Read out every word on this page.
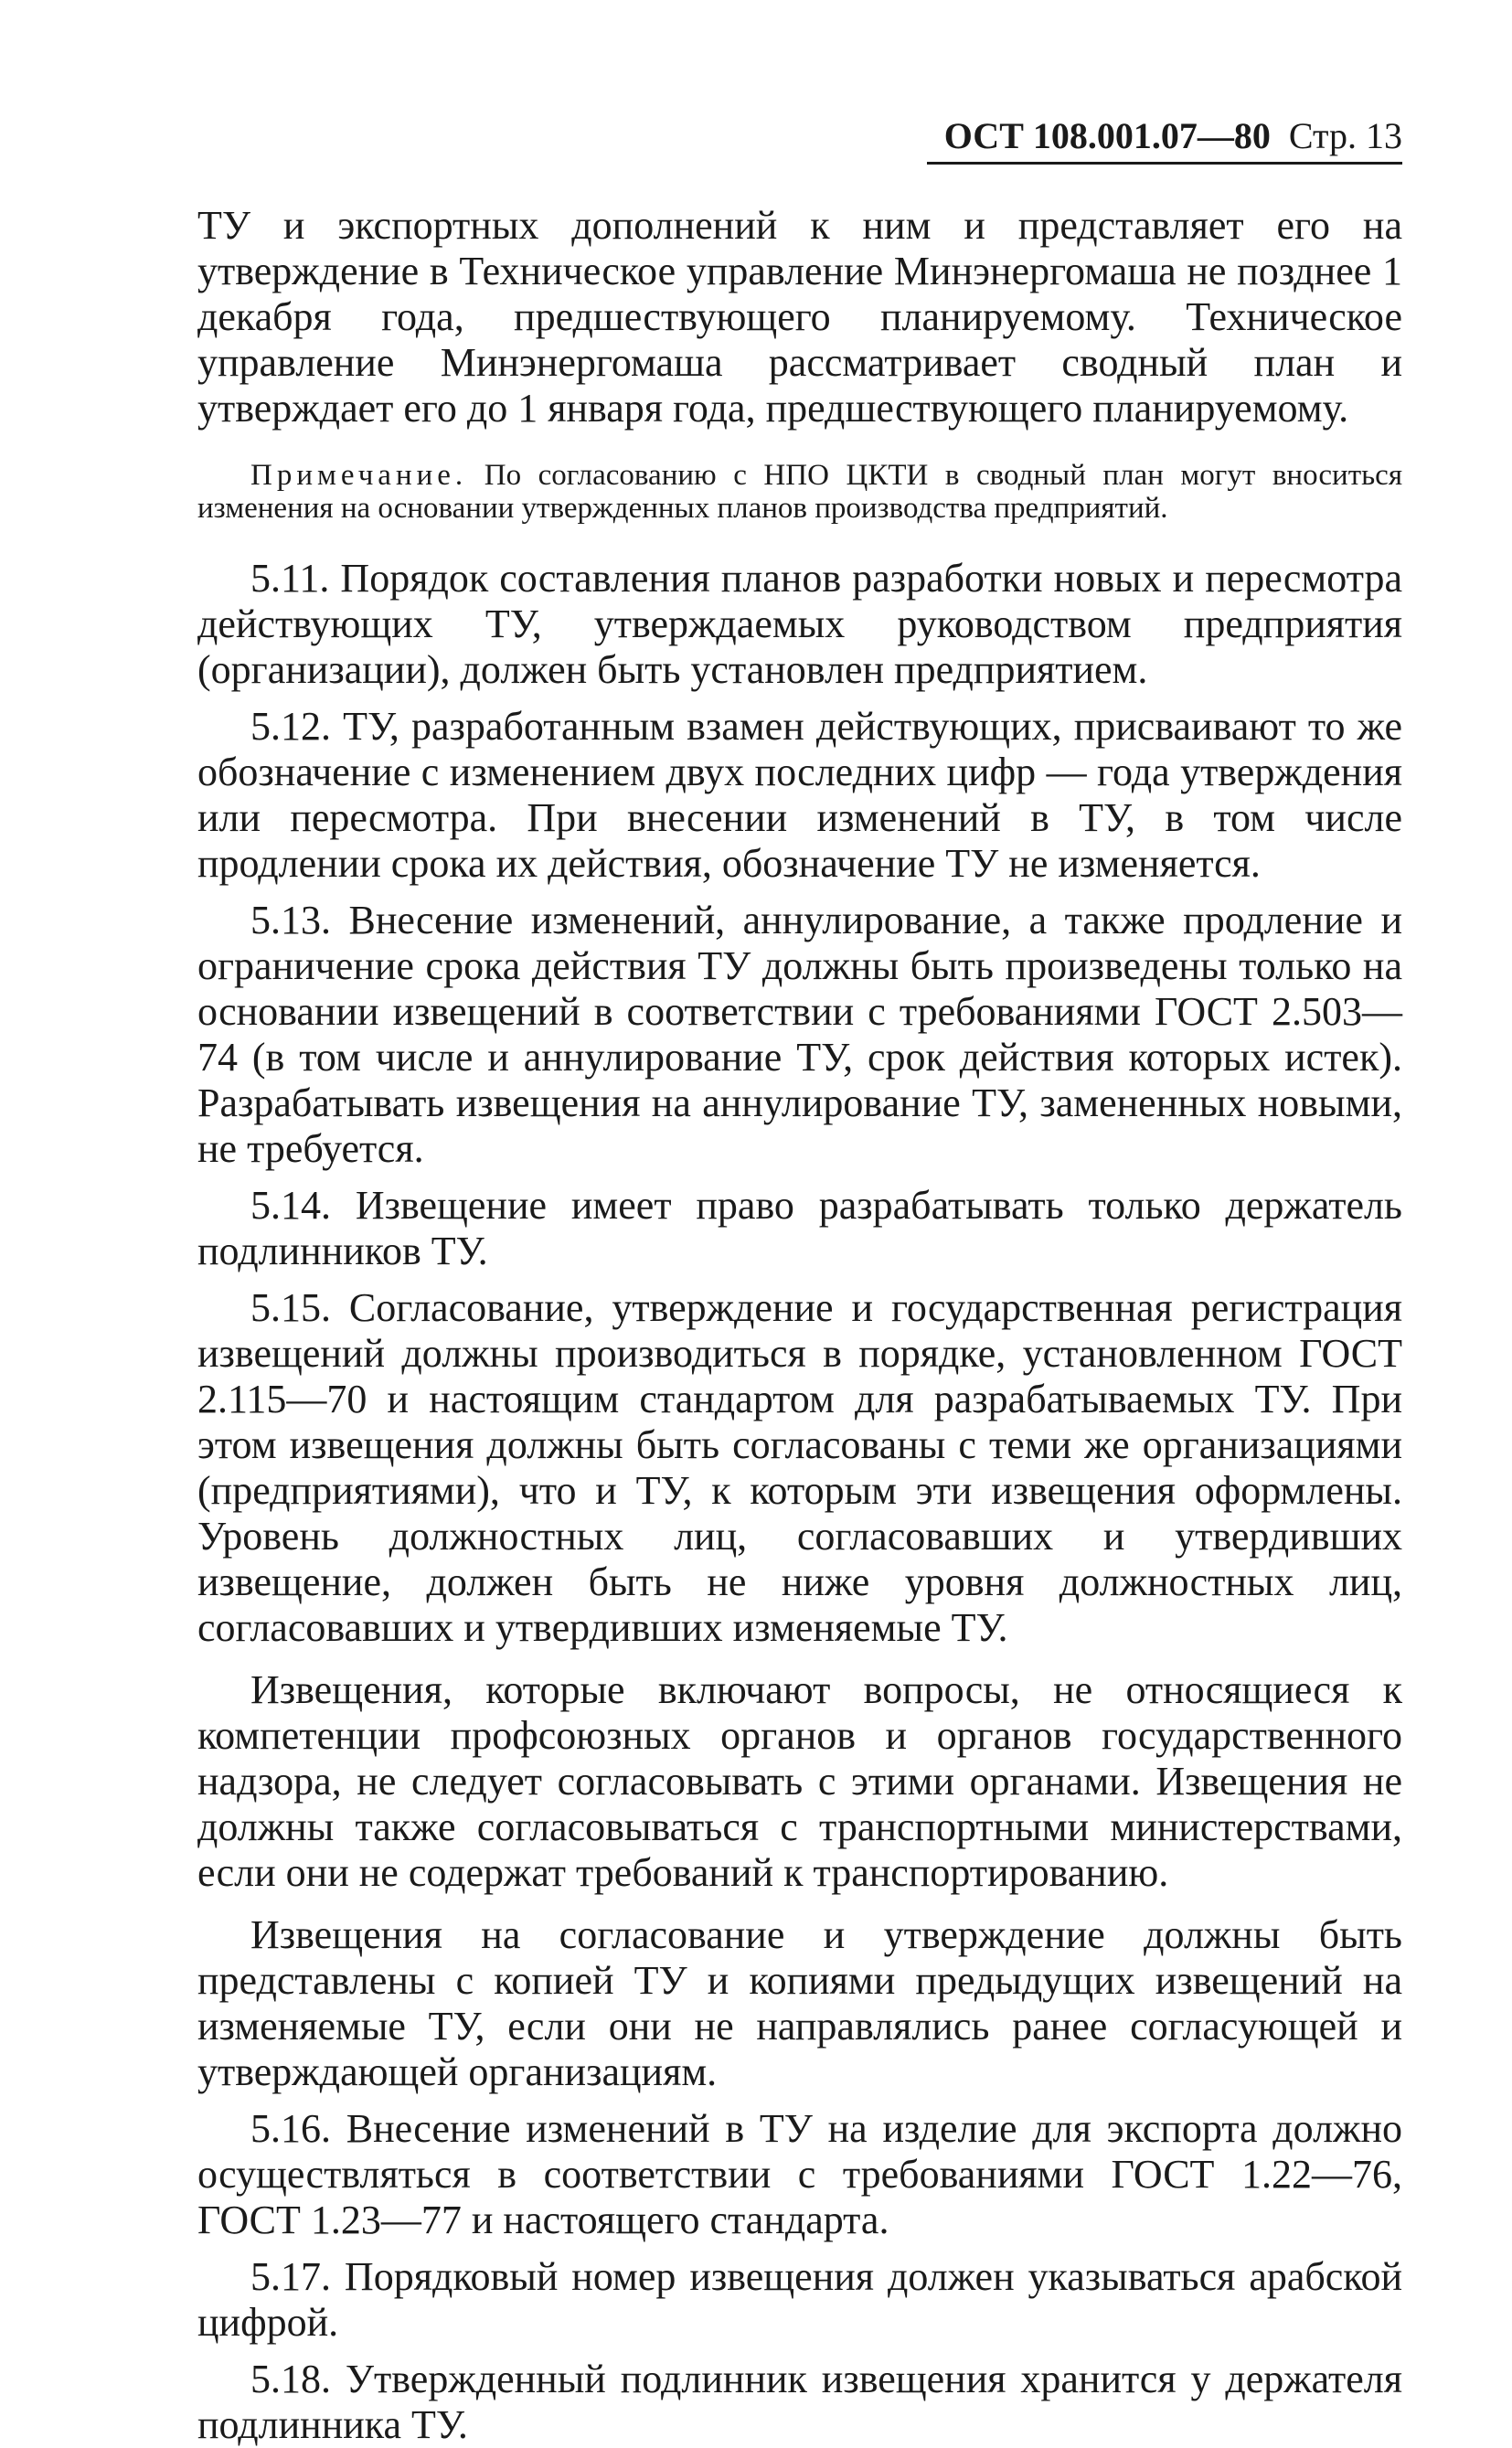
ОСТ 108.001.07—80 Стр. 13

ТУ и экспортных дополнений к ним и представляет его на утверждение в Техническое управление Минэнергомаша не позднее 1 декабря года, предшествующего планируемому. Техническое управление Минэнергомаша рассматривает сводный план и утверждает его до 1 января года, предшествующего планируемому.

Примечание. По согласованию с НПО ЦКТИ в сводный план могут вноситься изменения на основании утвержденных планов производства предприятий.

5.11. Порядок составления планов разработки новых и пересмотра действующих ТУ, утверждаемых руководством предприятия (организации), должен быть установлен предприятием.

5.12. ТУ, разработанным взамен действующих, присваивают то же обозначение с изменением двух последних цифр — года утверждения или пересмотра. При внесении изменений в ТУ, в том числе продлении срока их действия, обозначение ТУ не изменяется.

5.13. Внесение изменений, аннулирование, а также продление и ограничение срока действия ТУ должны быть произведены только на основании извещений в соответствии с требованиями ГОСТ 2.503—74 (в том числе и аннулирование ТУ, срок действия которых истек). Разрабатывать извещения на аннулирование ТУ, замененных новыми, не требуется.

5.14. Извещение имеет право разрабатывать только держатель подлинников ТУ.

5.15. Согласование, утверждение и государственная регистрация извещений должны производиться в порядке, установленном ГОСТ 2.115—70 и настоящим стандартом для разрабатываемых ТУ. При этом извещения должны быть согласованы с теми же организациями (предприятиями), что и ТУ, к которым эти извещения оформлены. Уровень должностных лиц, согласовавших и утвердивших извещение, должен быть не ниже уровня должностных лиц, согласовавших и утвердивших изменяемые ТУ.

Извещения, которые включают вопросы, не относящиеся к компетенции профсоюзных органов и органов государственного надзора, не следует согласовывать с этими органами. Извещения не должны также согласовываться с транспортными министерствами, если они не содержат требований к транспортированию.

Извещения на согласование и утверждение должны быть представлены с копией ТУ и копиями предыдущих извещений на изменяемые ТУ, если они не направлялись ранее согласующей и утверждающей организациям.

5.16. Внесение изменений в ТУ на изделие для экспорта должно осуществляться в соответствии с требованиями ГОСТ 1.22—76, ГОСТ 1.23—77 и настоящего стандарта.

5.17. Порядковый номер извещения должен указываться арабской цифрой.

5.18. Утвержденный подлинник извещения хранится у держателя подлинника ТУ.
